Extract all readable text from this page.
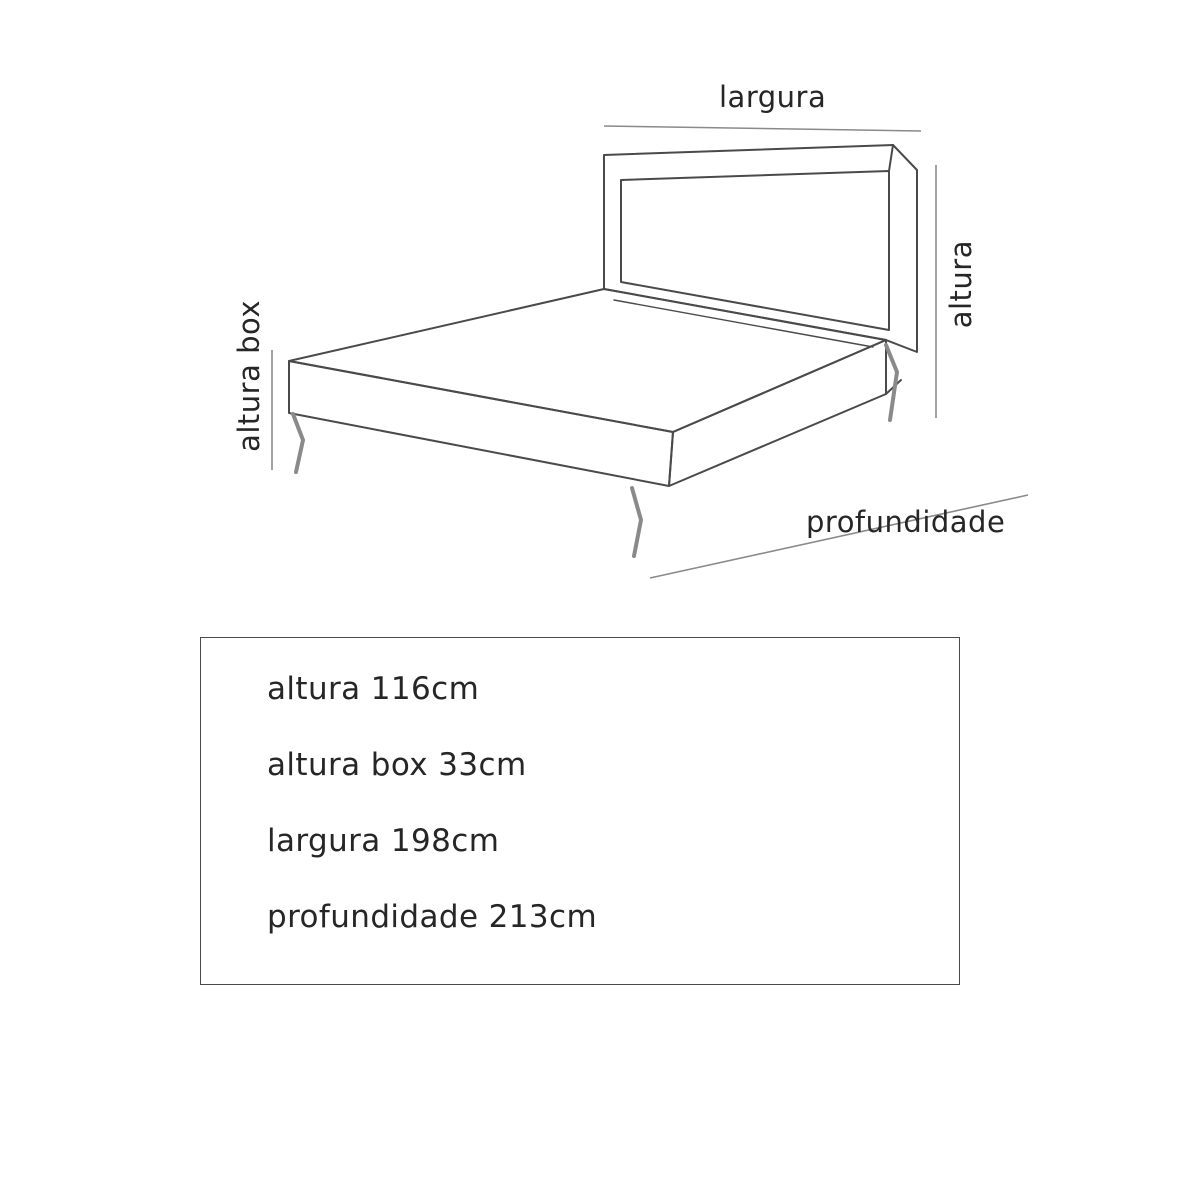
largura
altura
altura box
profundidade
altura 116cm
altura box 33cm
largura 198cm
profundidade 213cm
